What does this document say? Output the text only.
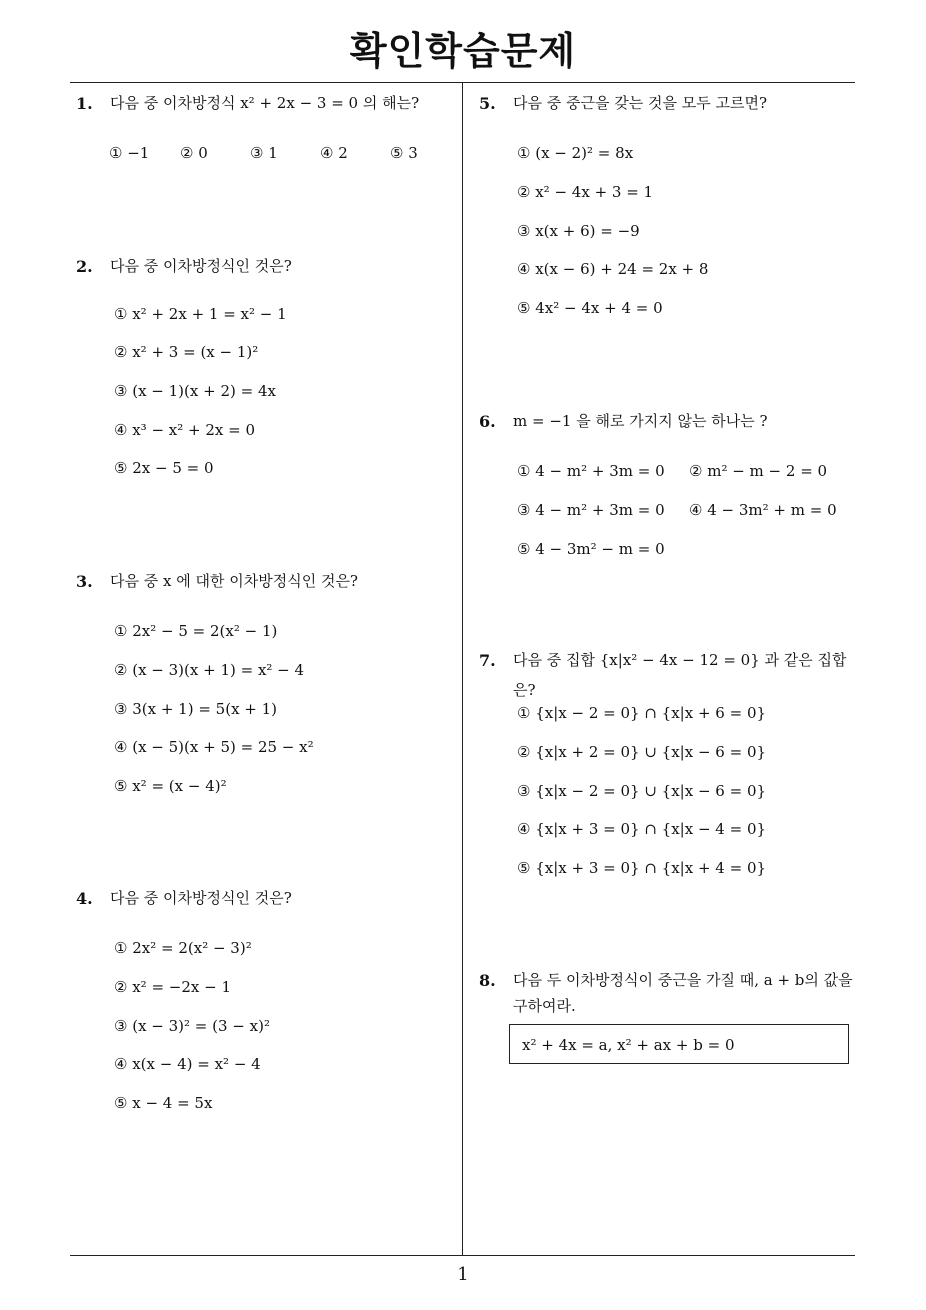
확인학습문제
1. 다음 중 이차방정식 x² + 2x − 3 = 0 의 해는?
① −1 ② 0	③ 1	④ 2	⑤ 3
2. 다음 중 이차방정식인 것은?
① x² + 2x + 1 = x² − 1
② x² + 3 = (x − 1)²
③ (x − 1)(x + 2) = 4x
④ x³ − x² + 2x = 0
⑤ 2x − 5 = 0
3. 다음 중 x 에 대한 이차방정식인 것은?
① 2x² − 5 = 2(x² − 1)
② (x − 3)(x + 1) = x² − 4
③ 3(x + 1) = 5(x + 1)
④ (x − 5)(x + 5) = 25 − x²
⑤ x² = (x − 4)²
4. 다음 중 이차방정식인 것은?
① 2x² = 2(x² − 3)²
② x² = −2x − 1
③ (x − 3)² = (3 − x)²
④ x(x − 4) = x² − 4
⑤ x − 4 = 5x
5. 다음 중 중근을 갖는 것을 모두 고르면?
① (x − 2)² = 8x
② x² − 4x + 3 = 1
③ x(x + 6) = −9
④ x(x − 6) + 24 = 2x + 8
⑤ 4x² − 4x + 4 = 0
6. m = −1 을 해로 가지지 않는 하나는 ?
① 4 − m² + 3m = 0 ② m² − m − 2 = 0
③ 4 − m² + 3m = 0 ④ 4 − 3m² + m = 0
⑤ 4 − 3m² − m = 0
7. 다음 중 집합 {x|x² − 4x − 12 = 0} 과 같은 집합은?
① {x|x − 2 = 0} ∩ {x|x + 6 = 0}
② {x|x + 2 = 0} ∪ {x|x − 6 = 0}
③ {x|x − 2 = 0} ∪ {x|x − 6 = 0}
④ {x|x + 3 = 0} ∩ {x|x − 4 = 0}
⑤ {x|x + 3 = 0} ∩ {x|x + 4 = 0}
8. 다음 두 이차방정식이 중근을 가질 때, a + b의 값을
구하여라.
x² + 4x = a, x² + ax + b = 0
1
